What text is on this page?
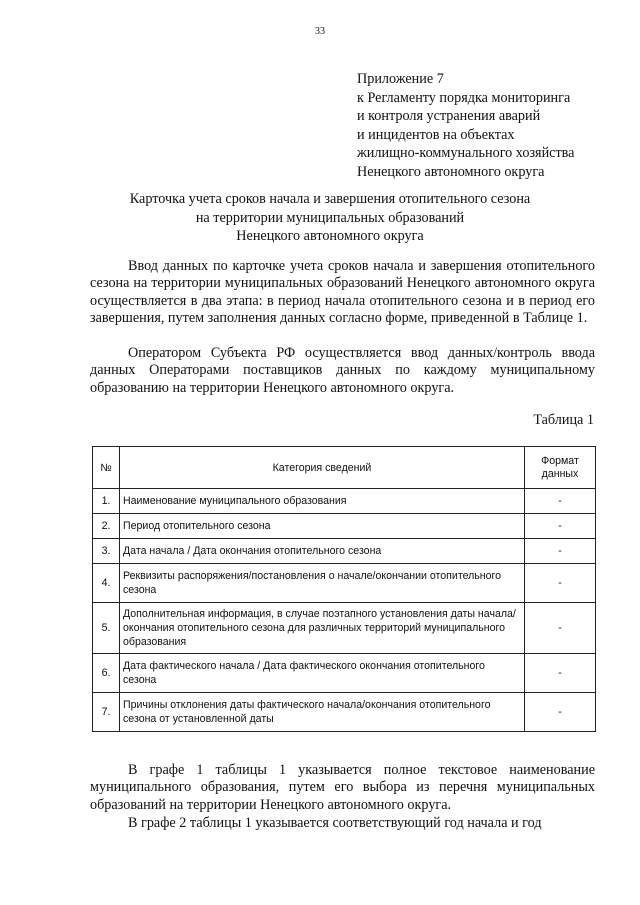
33
Приложение 7
к Регламенту порядка мониторинга
и контроля устранения аварий
и инцидентов на объектах
жилищно-коммунального хозяйства
Ненецкого автономного округа
Карточка учета сроков начала и завершения отопительного сезона
на территории муниципальных образований
Ненецкого автономного округа

Ввод данных по карточке учета сроков начала и завершения отопительного сезона на территории муниципальных образований Ненецкого автономного округа осуществляется в два этапа: в период начала отопительного сезона и в период его завершения, путем заполнения данных согласно форме, приведенной в Таблице 1.

Оператором Субъекта РФ осуществляется ввод данных/контроль ввода данных Операторами поставщиков данных по каждому муниципальному образованию на территории Ненецкого автономного округа.

Таблица 1
№	Категория сведений	Формат данных
1.	Наименование муниципального образования	-
2.	Период отопительного сезона	-
3.	Дата начала / Дата окончания отопительного сезона	-
4.	Реквизиты распоряжения/постановления о начале/окончании отопительного сезона	-
5.	Дополнительная информация, в случае поэтапного установления даты начала/окончания отопительного сезона для различных территорий муниципального образования	-
6.	Дата фактического начала / Дата фактического окончания отопительного сезона	-
7.	Причины отклонения даты фактического начала/окончания отопительного сезона от установленной даты	-

В графе 1 таблицы 1 указывается полное текстовое наименование муниципального образования, путем его выбора из перечня муниципальных образований на территории Ненецкого автономного округа.

В графе 2 таблицы 1 указывается соответствующий год начала и год
